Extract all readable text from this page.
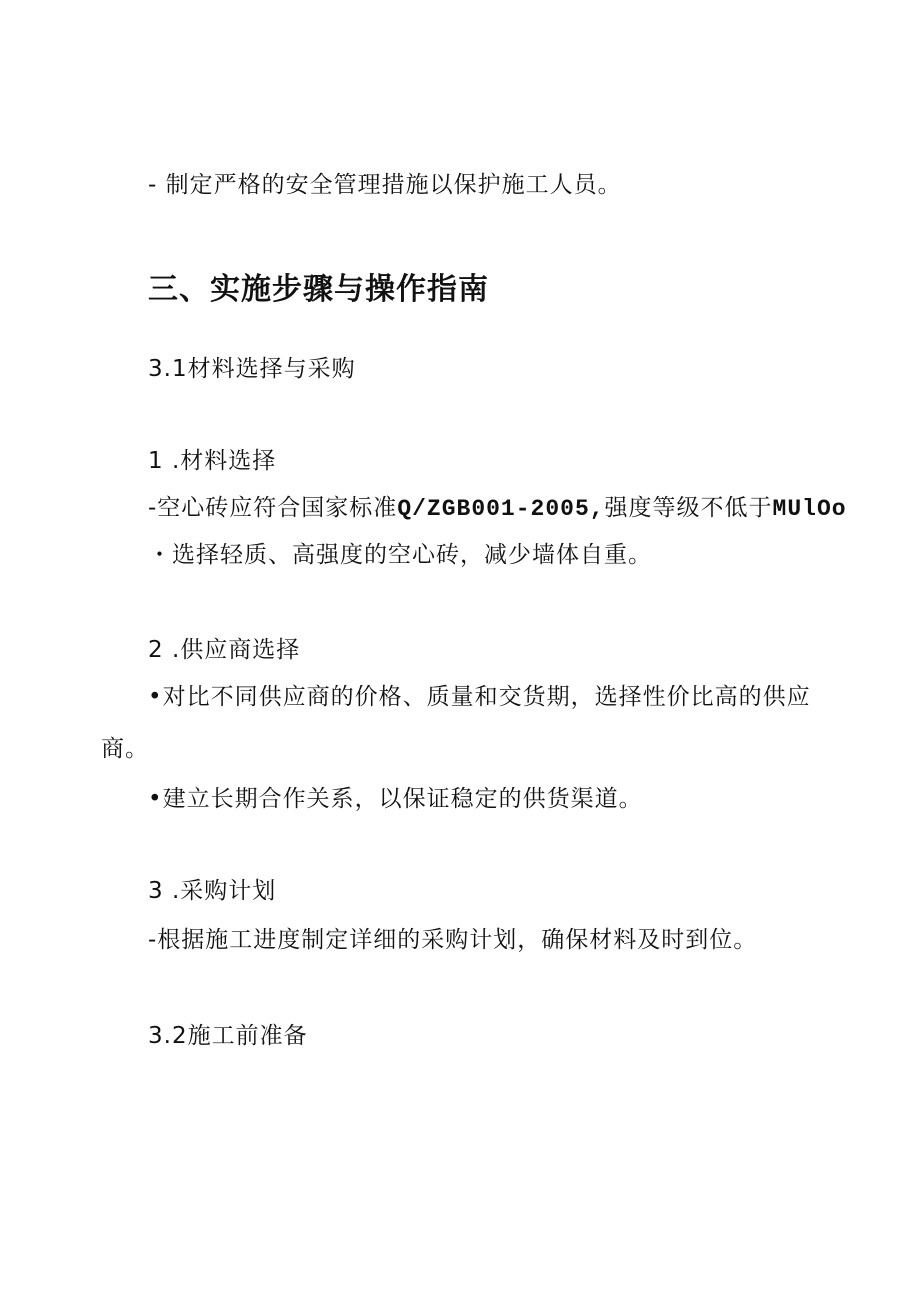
- 制定严格的安全管理措施以保护施工人员。
三、实施步骤与操作指南
3.1材料选择与采购
1 .材料选择
-空心砖应符合国家标准Q/ZGB001-2005,强度等级不低于MUlOo
・选择轻质、高强度的空心砖，减少墙体自重。
2 .供应商选择
•对比不同供应商的价格、质量和交货期，选择性价比高的供应
商。
•建立长期合作关系，以保证稳定的供货渠道。
3 .采购计划
-根据施工进度制定详细的采购计划，确保材料及时到位。
3.2施工前准备
